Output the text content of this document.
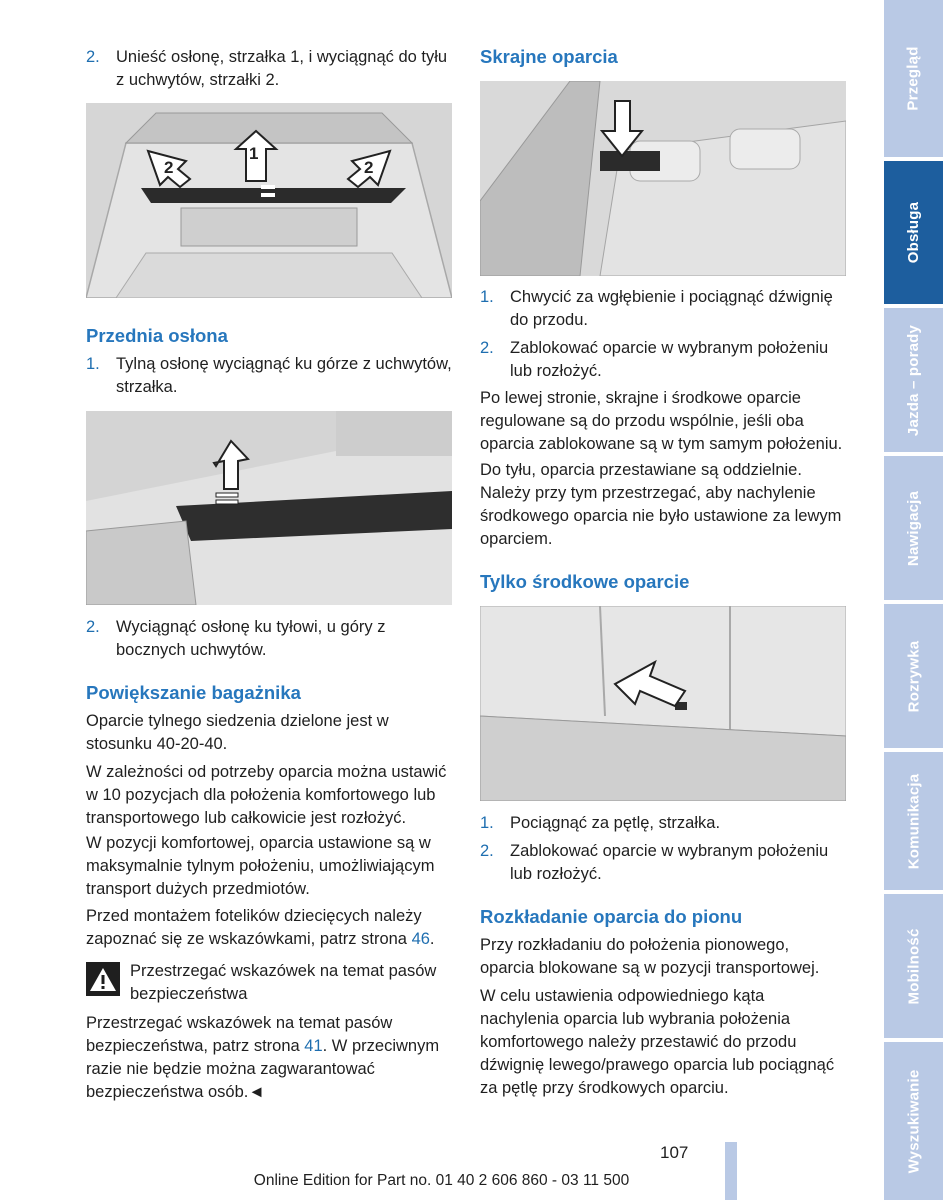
2. Unieść osłonę, strzałka 1, i wyciągnąć do tyłu z uchwytów, strzałki 2.
2
1
2
Przednia osłona
1. Tylną osłonę wyciągnąć ku górze z uchwytów, strzałka.
2. Wyciągnąć osłonę ku tyłowi, u góry z bocznych uchwytów.
Powiększanie bagażnika
Oparcie tylnego siedzenia dzielone jest w stosunku 40-20-40.
W zależności od potrzeby oparcia można ustawić w 10 pozycjach dla położenia komfortowego lub transportowego lub całkowicie jest rozłożyć.
W pozycji komfortowej, oparcia ustawione są w maksymalnie tylnym położeniu, umożliwiającym transport dużych przedmiotów.
Przed montażem fotelików dziecięcych należy zapoznać się ze wskazówkami, patrz strona 46.
Przestrzegać wskazówek na temat pasów bezpieczeństwa
Przestrzegać wskazówek na temat pasów bezpieczeństwa, patrz strona 41. W przeciwnym razie nie będzie można zagwarantować bezpieczeństwa osób.◄
Skrajne oparcia
1. Chwycić za wgłębienie i pociągnąć dźwignię do przodu.
2. Zablokować oparcie w wybranym położeniu lub rozłożyć.
Po lewej stronie, skrajne i środkowe oparcie regulowane są do przodu wspólnie, jeśli oba oparcia zablokowane są w tym samym położeniu.
Do tyłu, oparcia przestawiane są oddzielnie. Należy przy tym przestrzegać, aby nachylenie środkowego oparcia nie było ustawione za lewym oparciem.
Tylko środkowe oparcie
1. Pociągnąć za pętlę, strzałka.
2. Zablokować oparcie w wybranym położeniu lub rozłożyć.
Rozkładanie oparcia do pionu
Przy rozkładaniu do położenia pionowego, oparcia blokowane są w pozycji transportowej.
W celu ustawienia odpowiedniego kąta nachylenia oparcia lub wybrania położenia komfortowego należy przestawić do przodu dźwignię lewego/prawego oparcia lub pociągnąć za pętlę przy środkowych oparciu.
Przegląd
Obsługa
Jazda – porady
Nawigacja
Rozrywka
Komunikacja
Mobilność
Wyszukiwanie
107
Online Edition for Part no. 01 40 2 606 860 - 03 11 500
